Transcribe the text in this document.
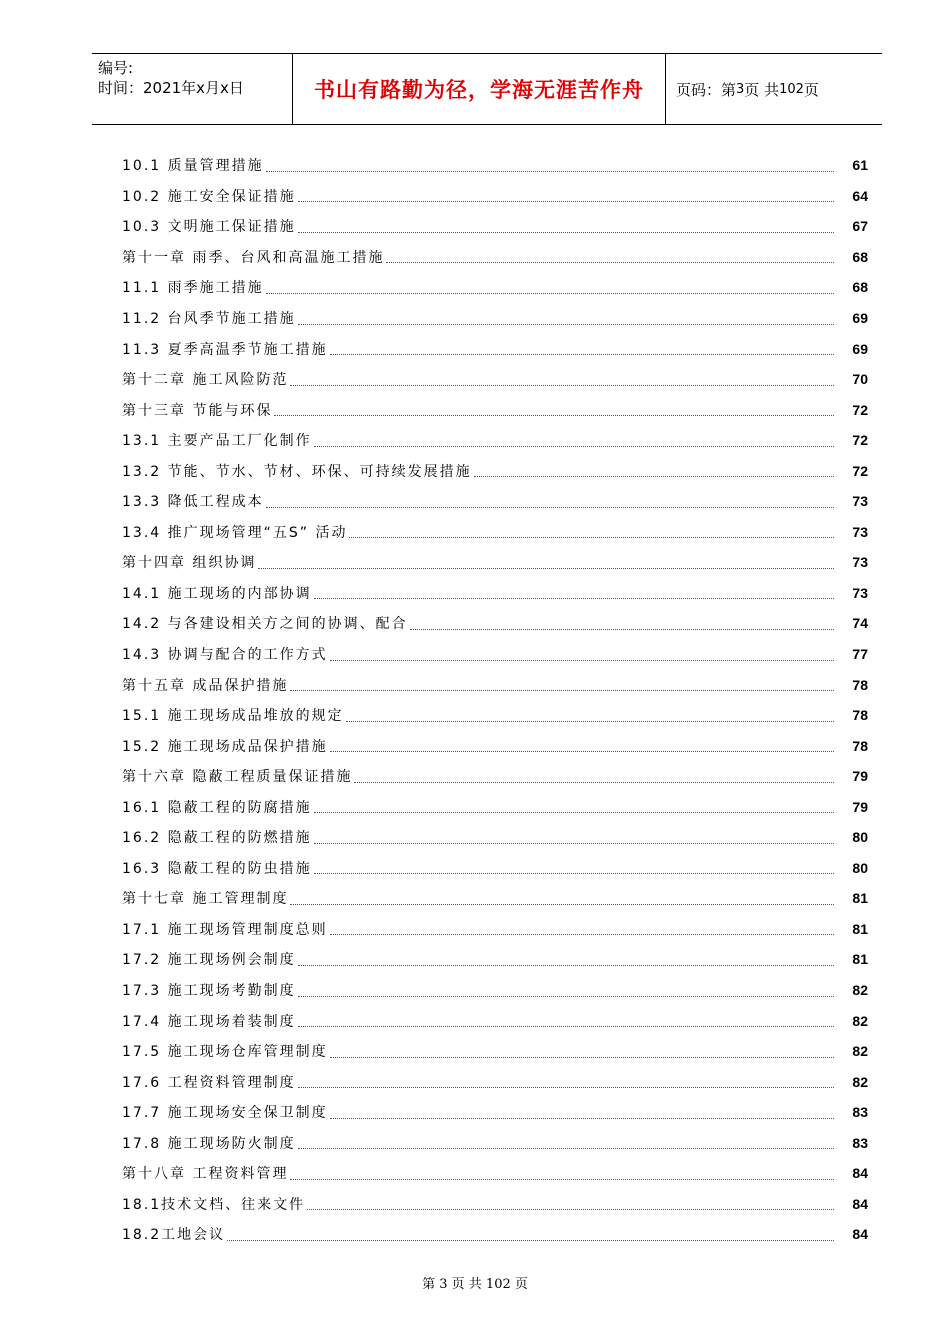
编号:
时间：2021年x月x日	书山有路勤为径，学海无涯苦作舟	页码：第 3 页 共 102 页
10.1 质量管理措施	61
10.2 施工安全保证措施	64
10.3 文明施工保证措施	67
第十一章 雨季、台风和高温施工措施	68
11.1 雨季施工措施	68
11.2 台风季节施工措施	69
11.3 夏季高温季节施工措施	69
第十二章 施工风险防范	70
第十三章 节能与环保	72
13.1 主要产品工厂化制作	72
13.2 节能、节水、节材、环保、可持续发展措施	72
13.3 降低工程成本	73
13.4 推广现场管理“五S” 活动	73
第十四章 组织协调	73
14.1 施工现场的内部协调	73
14.2 与各建设相关方之间的协调、配合	74
14.3 协调与配合的工作方式	77
第十五章 成品保护措施	78
15.1 施工现场成品堆放的规定	78
15.2 施工现场成品保护措施	78
第十六章 隐蔽工程质量保证措施	79
16.1 隐蔽工程的防腐措施	79
16.2 隐蔽工程的防燃措施	80
16.3 隐蔽工程的防虫措施	80
第十七章 施工管理制度	81
17.1 施工现场管理制度总则	81
17.2 施工现场例会制度	81
17.3 施工现场考勤制度	82
17.4 施工现场着装制度	82
17.5 施工现场仓库管理制度	82
17.6 工程资料管理制度	82
17.7 施工现场安全保卫制度	83
17.8 施工现场防火制度	83
第十八章 工程资料管理	84
18.1技术文档、往来文件	84
18.2工地会议	84
第 3 页 共 102 页
